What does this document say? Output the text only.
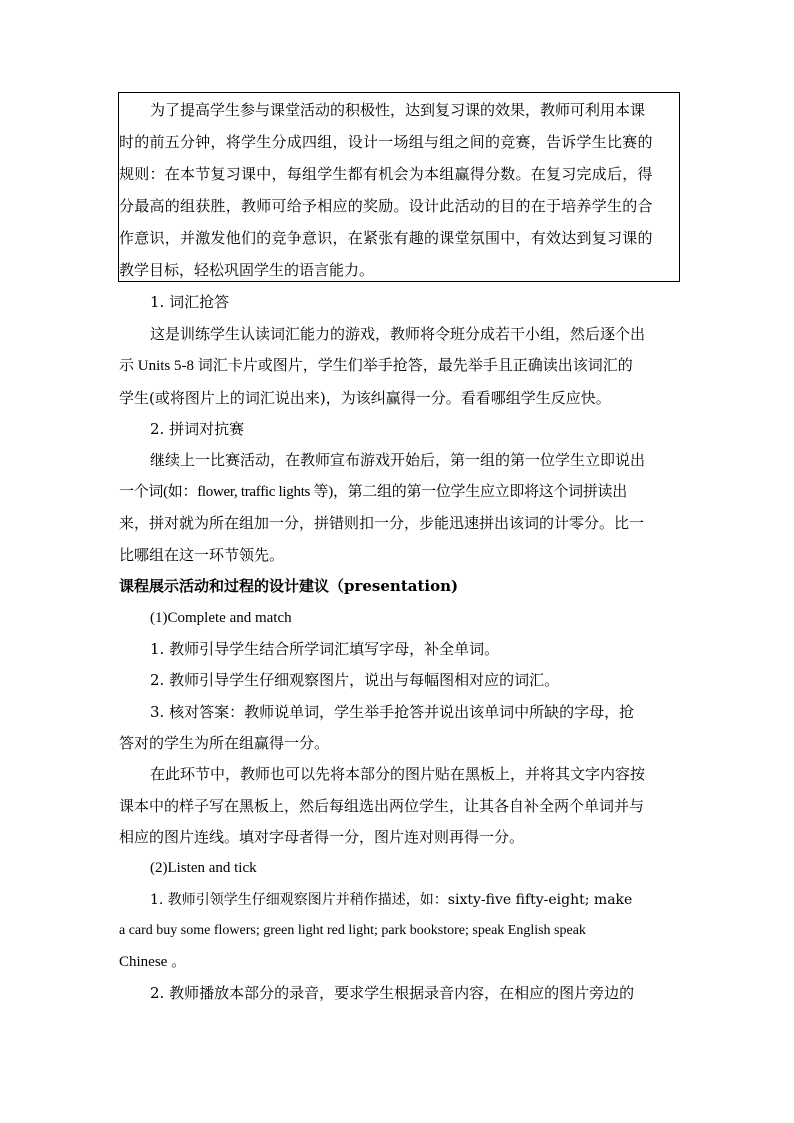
为了提高学生参与课堂活动的积极性，达到复习课的效果，教师可利用本课
时的前五分钟，将学生分成四组，设计一场组与组之间的竞赛，告诉学生比赛的
规则：在本节复习课中，每组学生都有机会为本组赢得分数。在复习完成后，得
分最高的组获胜，教师可给予相应的奖励。设计此活动的目的在于培养学生的合
作意识，并激发他们的竞争意识，在紧张有趣的课堂氛围中，有效达到复习课的
教学目标，轻松巩固学生的语言能力。
1. 词汇抢答
这是训练学生认读词汇能力的游戏，教师将令班分成若干小组，然后逐个出
示 Units 5-8 词汇卡片或图片，学生们举手抢答，最先举手且正确读出该词汇的
学生(或将图片上的词汇说出来)，为该纠赢得一分。看看哪组学生反应快。
2. 拼词对抗赛
继续上一比赛活动，在教师宣布游戏开始后，第一组的第一位学生立即说出
一个词(如：flower, traffic lights 等)，第二组的第一位学生应立即将这个词拼读出
来，拼对就为所在组加一分，拼错则扣一分，步能迅速拼出该词的计零分。比一
比哪组在这一环节领先。
课程展示活动和过程的设计建议（presentation)
(1)Complete and match
1. 教师引导学生结合所学词汇填写字母，补全单词。
2. 教师引导学生仔细观察图片，说出与每幅图相对应的词汇。
3. 核对答案：教师说单词，学生举手抢答并说出该单词中所缺的字母，抢
答对的学生为所在组赢得一分。
在此环节中，教师也可以先将本部分的图片贴在黑板上，并将其文字内容按
课本中的样子写在黑板上，然后每组选出两位学生，让其各自补全两个单词并与
相应的图片连线。填对字母者得一分，图片连对则再得一分。
(2)Listen and tick
1. 教师引领学生仔细观察图片并稍作描述，如：sixty-five fifty-eight; make
a card buy some flowers; green light red light; park bookstore; speak English speak
Chinese 。
2. 教师播放本部分的录音，要求学生根据录音内容，在相应的图片旁边的
